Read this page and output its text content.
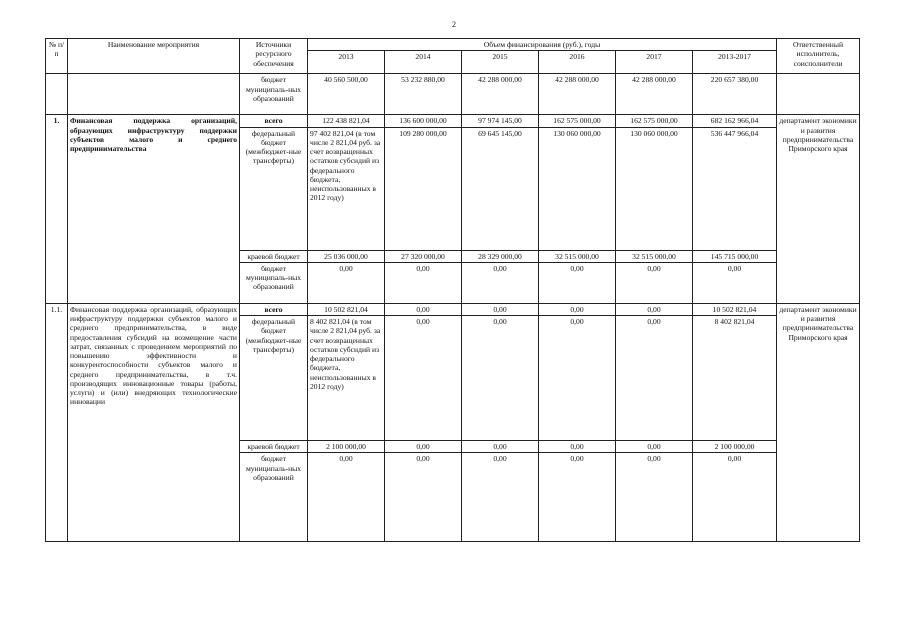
2
№ п/п	Наименование мероприятия	Источники ресурсного обеспечения	Объем финансирования (руб.), годы						Ответственный исполнитель, соисполнители
			2013	2014	2015	2016	2017	2013-2017	
		бюджет муниципаль-ных образований	40 560 500,00	53 232 880,00	42 288 000,00	42 288 000,00	42 288 000,00	220 657 380,00	
1.	Финансовая поддержка организаций, образующих инфраструктуру поддержки субъектов малого и среднего предпринимательства	всего	122 438 821,04	136 600 000,00	97 974 145,00	162 575 000,00	162 575 000,00	682 162 966,04	департамент экономики и развития предпринимательства Приморского края
		федеральный бюджет (межбюджет-ные трансферты)	97 402 821,04 (в том числе 2 821,04 руб. за счет возвращенных остатков субсидий из федерального бюджета, неиспользованных в 2012 году)	109 280 000,00	69 645 145,00	130 060 000,00	130 060 000,00	536 447 966,04	
		краевой бюджет	25 036 000,00	27 320 000,00	28 329 000,00	32 515 000,00	32 515 000,00	145 715 000,00	
		бюджет муниципаль-ных образований	0,00	0,00	0,00	0,00	0,00	0,00	
1.1.	Финансовая поддержка организаций, образующих инфраструктуру поддержки субъектов малого и среднего предпринимательства, в виде предоставления субсидий на возмещение части затрат, связанных с проведением мероприятий по повышению эффективности и конкурентоспособности субъектов малого и среднего предпринимательства, в т.ч. производящих инновационные товары (работы, услуги) и (или) внедряющих технологические инновации	всего	10 502 821,04	0,00	0,00	0,00	0,00	10 502 821,04	департамент экономики и развития предпринимательства Приморского края
		федеральный бюджет (межбюджет-ные трансферты)	8 402 821,04 (в том числе 2 821,04 руб. за счет возвращенных остатков субсидий из федерального бюджета, неиспользованных в 2012 году)	0,00	0,00	0,00	0,00	8 402 821,04	
		краевой бюджет	2 100 000,00	0,00	0,00	0,00	0,00	2 100 000,00	
		бюджет муниципаль-ных образований	0,00	0,00	0,00	0,00	0,00	0,00	
